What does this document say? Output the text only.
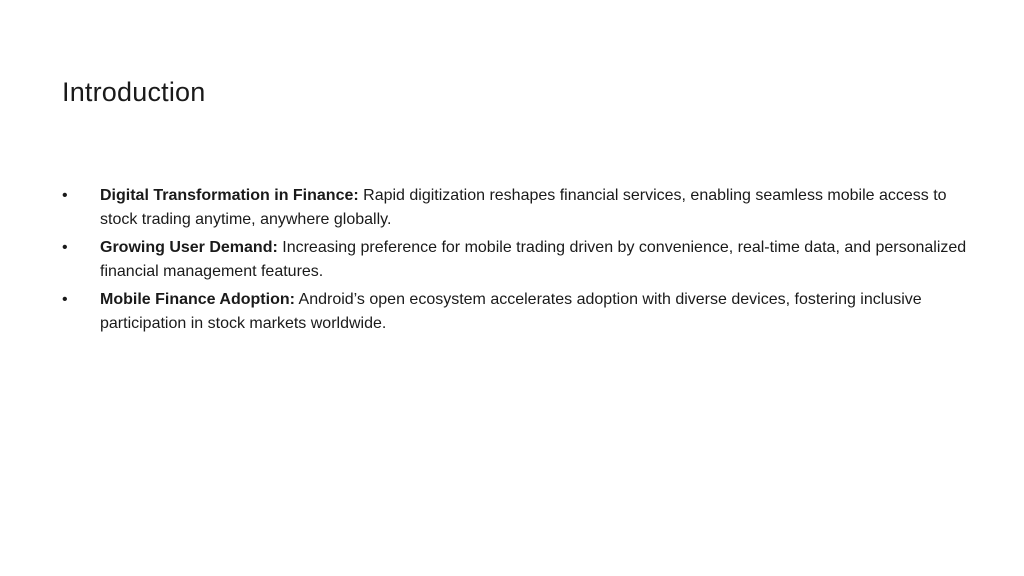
Introduction
•	Digital Transformation in Finance: Rapid digitization reshapes financial services, enabling seamless mobile access to stock trading anytime, anywhere globally.
•	Growing User Demand: Increasing preference for mobile trading driven by convenience, real-time data, and personalized financial management features.
•	Mobile Finance Adoption: Android’s open ecosystem accelerates adoption with diverse devices, fostering inclusive participation in stock markets worldwide.
